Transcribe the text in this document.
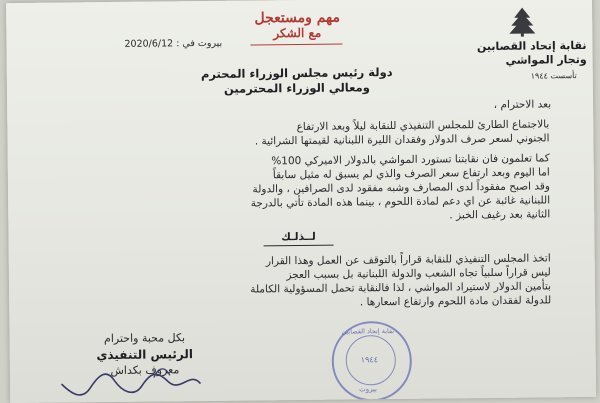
مهم ومستعجل
مع الشكر
بيروت في : 2020/6/12	نقابة إتحاد القصابين
وتجار المواشي
تأسست ١٩٤٤
دولة رئيس مجلس الوزراء المحترم
ومعالي الوزراء المحترمين
بعد الاحترام ،
بالاجتماع الطارئ للمجلس التنفيذي للنقابة ليلاً وبعد الارتفاع
الجنوني لسعر صرف الدولار وفقدان الليرة اللبنانية لقيمتها الشرائية .
كما تعلمون فان نقابتنا تستورد المواشي بالدولار الاميركي 100%
اما اليوم وبعد ارتفاع سعر الصرف والذي لم يسبق له مثيل سابقاً
وقد اصبح مفقوداً لدى المصارف وشبه مفقود لدى الصرافين ، والدولة
اللبنانية غائبة عن اي دعم لمادة اللحوم ، بينما هذه المادة تأتي بالدرجة
الثانية بعد رغيف الخبز .
لــذلـك
اتخذ المجلس التنفيذي للنقابة قراراً بالتوقف عن العمل وهذا القرار
ليس قراراً سلبياً تجاه الشعب والدولة اللبنانية بل بسبب العجز
بتأمين الدولار لاستيراد المواشي ، لذا فالنقابة تحمل المسؤولية الكاملة
للدولة لفقدان مادة اللحوم وارتفاع اسعارها .
بكل محبة واحترام
الرئيس التنفيذي
معروف بكداش
نقابة إتحاد القصابين
١٩٤٤
بيروت
